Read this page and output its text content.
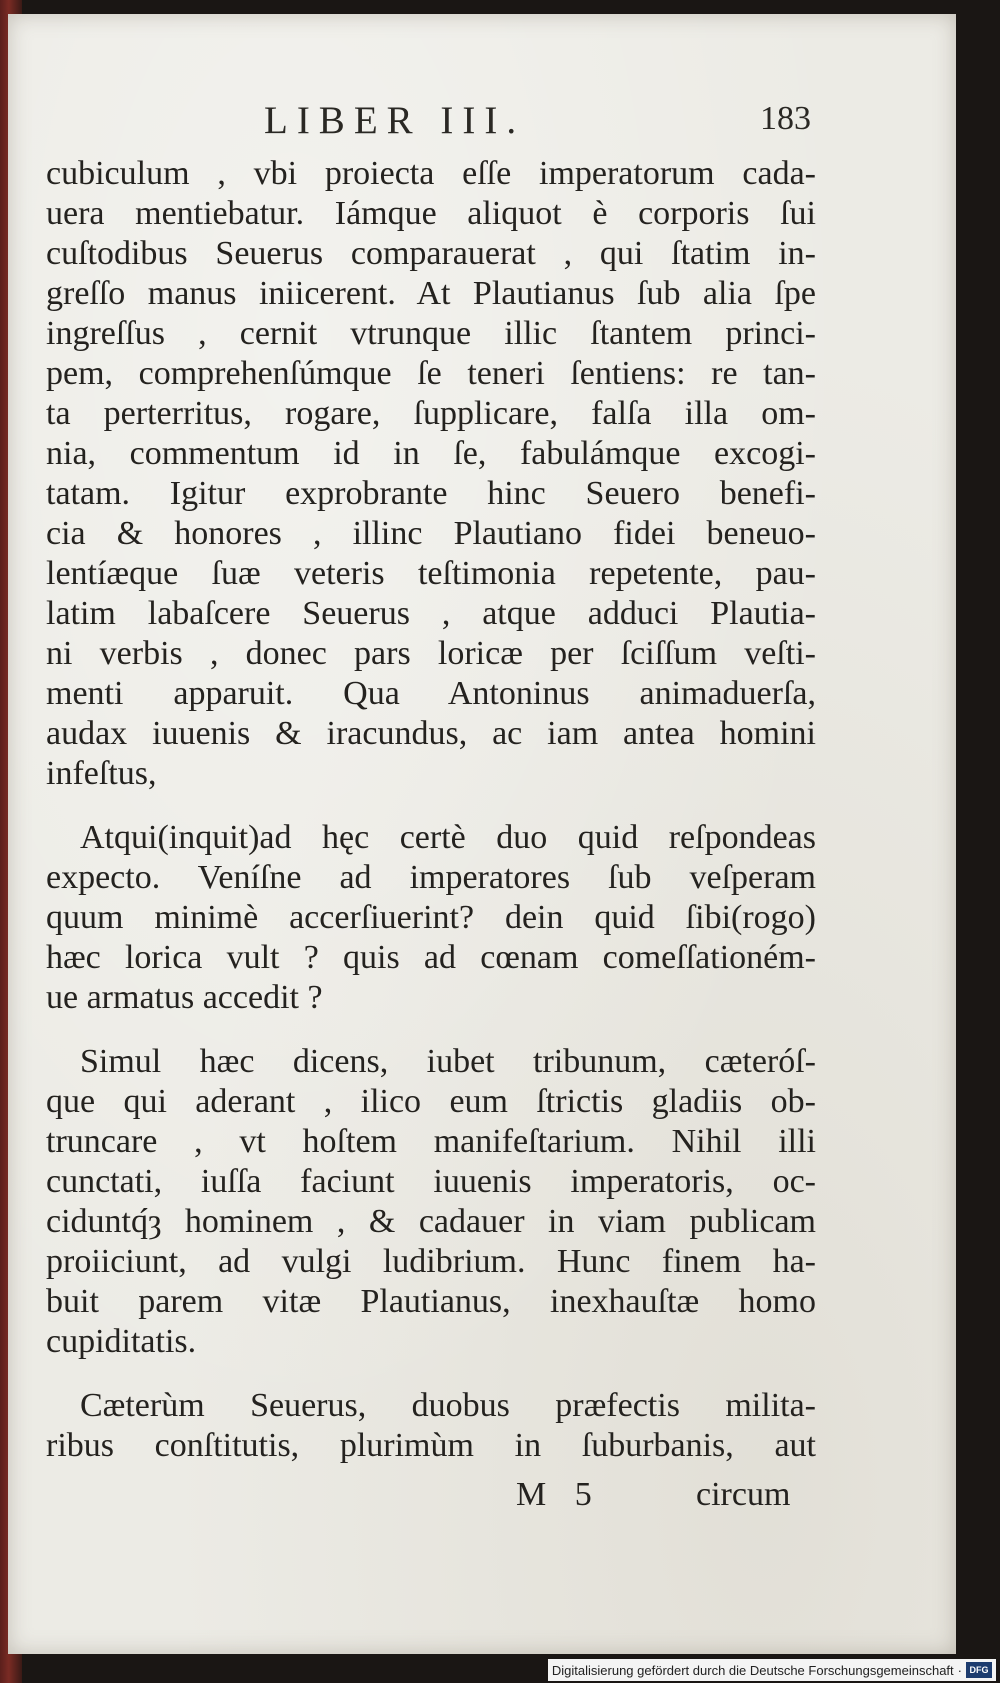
LIBER III.	183
cubiculum , vbi proiecta eſſe imperatorum cada-
uera mentiebatur. Iámque aliquot è corporis ſui
cuſtodibus Seuerus comparauerat , qui ſtatim in-
greſſo manus iniicerent. At Plautianus ſub alia ſpe
ingreſſus , cernit vtrunque illic ſtantem princi-
pem, comprehenſúmque ſe teneri ſentiens: re tan-
ta perterritus, rogare, ſupplicare, falſa illa om-
nia, commentum id in ſe, fabulámque excogi-
tatam. Igitur exprobrante hinc Seuero benefi-
cia & honores , illinc Plautiano fidei beneuo-
lentíæque ſuæ veteris teſtimonia repetente, pau-
latim labaſcere Seuerus , atque adduci Plautia-
ni verbis , donec pars loricæ per ſciſſum veſti-
menti apparuit. Qua Antoninus animaduerſa,
audax iuuenis & iracundus, ac iam antea homini
infeſtus,
Atqui(inquit)ad hęc certè duo quid reſpondeas
expecto. Veníſne ad imperatores ſub veſperam
quum minimè accerſiuerint? dein quid ſibi(rogo)
hæc lorica vult ? quis ad cœnam comeſſationém-
ue armatus accedit ?
Simul hæc dicens, iubet tribunum, cæteróſ-
que qui aderant , ilico eum ſtrictis gladiis ob-
truncare , vt hoſtem manifeſtarium. Nihil illi
cunctati, iuſſa faciunt iuuenis imperatoris, oc-
ciduntq́ȝ hominem , & cadauer in viam publicam
proiiciunt, ad vulgi ludibrium. Hunc finem ha-
buit parem vitæ Plautianus, inexhauſtæ homo
cupiditatis.
Cæterùm Seuerus, duobus præfectis militа-
ribus conſtitutis, plurimùm in ſuburbanis, aut
M 5	circum
Digitalisierung gefördert durch die Deutsche Forschungsgemeinschaft · DFG
